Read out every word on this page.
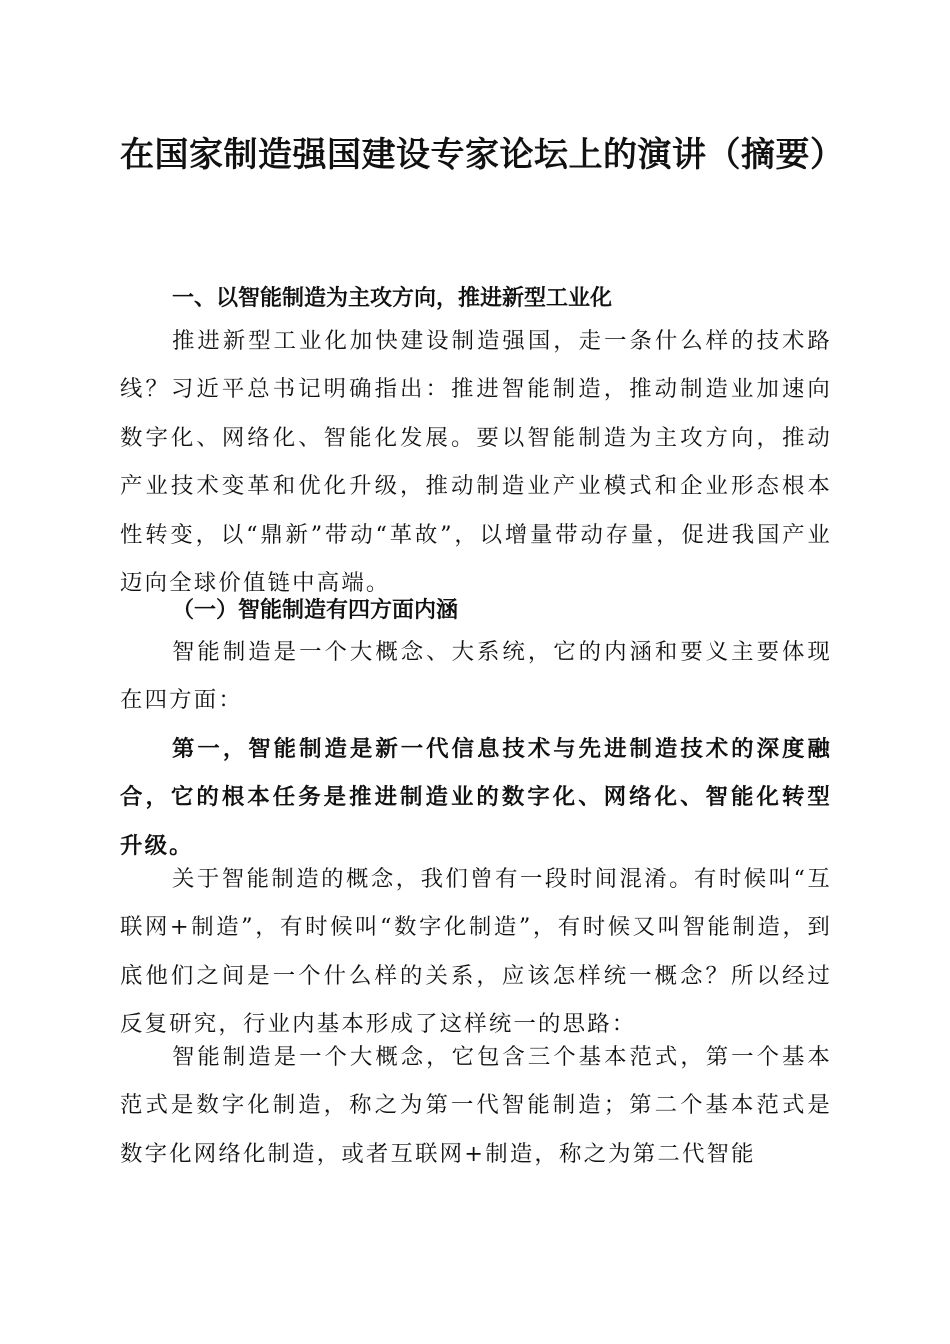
在国家制造强国建设专家论坛上的演讲（摘要）
一、以智能制造为主攻方向，推进新型工业化

推进新型工业化加快建设制造强国，走一条什么样的技术路线？习近平总书记明确指出：推进智能制造，推动制造业加速向数字化、网络化、智能化发展。要以智能制造为主攻方向，推动产业技术变革和优化升级，推动制造业产业模式和企业形态根本性转变，以“鼎新”带动“革故”，以增量带动存量，促进我国产业迈向全球价值链中高端。

（一）智能制造有四方面内涵

智能制造是一个大概念、大系统，它的内涵和要义主要体现在四方面：

第一，智能制造是新一代信息技术与先进制造技术的深度融合，它的根本任务是推进制造业的数字化、网络化、智能化转型升级。

关于智能制造的概念，我们曾有一段时间混淆。有时候叫“互联网+制造”，有时候叫“数字化制造”，有时候又叫智能制造，到底他们之间是一个什么样的关系，应该怎样统一概念？所以经过反复研究，行业内基本形成了这样统一的思路：

智能制造是一个大概念，它包含三个基本范式，第一个基本范式是数字化制造，称之为第一代智能制造；第二个基本范式是数字化网络化制造，或者互联网+制造，称之为第二代智能
